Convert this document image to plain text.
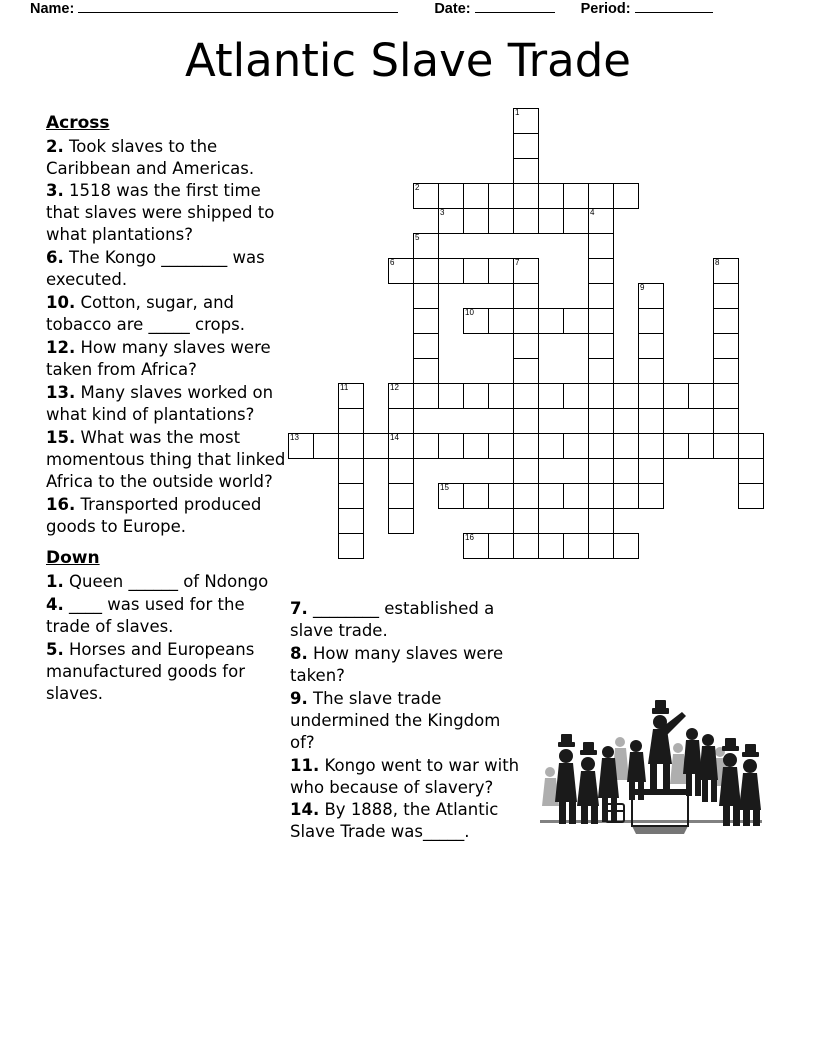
Name:	Date:	Period:
Atlantic Slave Trade
Across

2. Took slaves to the Caribbean and Americas.

3. 1518 was the first time that slaves were shipped to what plantations?

6. The Kongo ________ was executed.

10. Cotton, sugar, and tobacco are _____ crops.

12. How many slaves were taken from Africa?

13. Many slaves worked on what kind of plantations?

15. What was the most momentous thing that linked Africa to the outside world?

16. Transported produced goods to Europe.

Down

1. Queen ______ of Ndongo

4. ____ was used for the trade of slaves.

5. Horses and Europeans manufactured goods for slaves.

7. ________ established a slave trade.

8. How many slaves were taken?

9. The slave trade undermined the Kingdom of?

11. Kongo went to war with who because of slavery?

14. By 1888, the Atlantic Slave Trade was_____.

1
2
3	4
5
6	7	8
9
10
11	12
13	14
15
16
